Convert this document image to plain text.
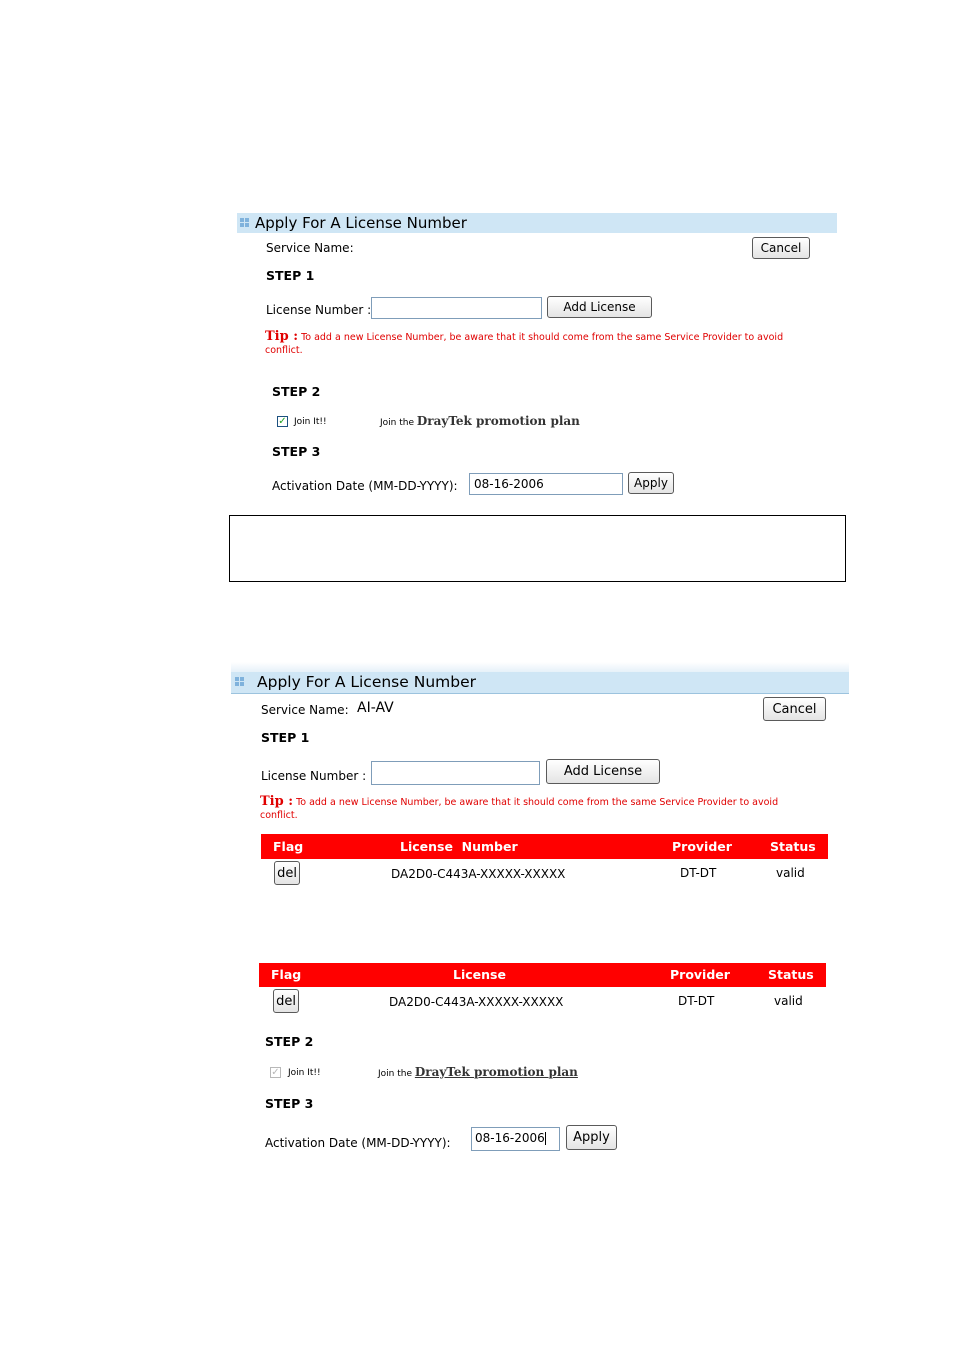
Apply For A License Number
Service Name:	Cancel
STEP 1
License Number :	Add License
Tip : To add a new License Number, be aware that it should come from the same Service Provider to avoid conflict.
STEP 2
✓ Join It!!	Join the DrayTek promotion plan
STEP 3
Activation Date (MM-DD-YYYY):
08-16-2006	Apply
Apply For A License Number
Service Name: AI-AV	Cancel
STEP 1
License Number :	Add License
Tip : To add a new License Number, be aware that it should come from the same Service Provider to avoid conflict.
Flag	License  Number	Provider	Status
del	DA2D0-C443A-XXXXX-XXXXX	DT-DT	valid
Flag	License	Provider	Status
del	DA2D0-C443A-XXXXX-XXXXX	DT-DT	valid
STEP 2
✓ Join It!!	Join the DrayTek promotion plan
STEP 3
Activation Date (MM-DD-YYYY):	08-16-2006	Apply
